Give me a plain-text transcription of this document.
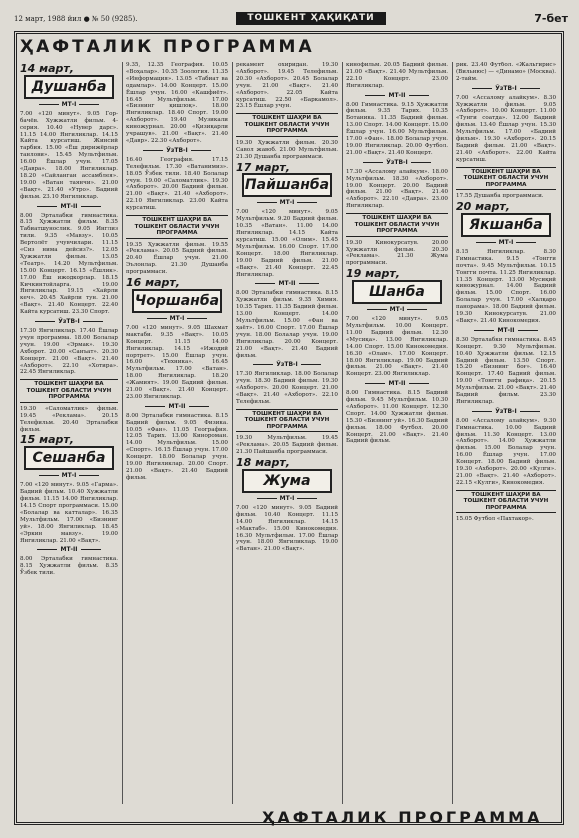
12 март, 1988 йил ● № 50 (9285).	ТОШКЕНТ ҲАҚИҚАТИ	7-бет
ҲАФТАЛИК ПРОГРАММА
14 март,
Душанба
МТ-I

7.00 «120 минут». 9.05 Гор-бачёв. Хужжатли фильм. 4-серия. 10.40 «Нувер дарс». 11.15 14.00 Янгиликлар. 14.15 Кайта курсатиш. Жинсий тарбия. 15.00 «Ёш дирижёрлар танлови». 15.45 Мультфильм. 16.00 Ёшлар учун. 17.05 «Давра». 18.00 Янгиликлар. 18.20 «Сайланган ассамблея». 19.00 «Ватан таянчи». 21.00 «Вақт». 21.40 «Утро». Бадиий фильм. 23.10 Янгиликлар.

МТ-II

8.00 Эрталабки гимнастика. 8.15 Ҳужжатли фильм. 8.35 Табиатшунослик. 9.05 Инглиз тили. 9.35 «Мавзу». 10.05 Вертолёт учувчилари. 11.15 «Сиз нима дейсиз?». 12.05 Ҳужжатли фильм. 13.05 «Театр». 14.20 Мультфильм. 15.00 Концерт. 16.15 «Ёшлик». 17.00 Ёш ижодкорлар. 18.15 Кичкинтойларга. 19.00 Янгиликлар. 19.15 «Хайрли кеч». 20.45 Хайрли тун. 21.00 «Вақт». 21.40 Концерт. 22.40 Кайта курсатиш. 23.30 Спорт.

ЎзТВ-I

17.30 Янгиликлар. 17.40 Ёшлар учун программа. 18.00 Болалар учун. 19.00 «Эрмак». 19.30 Ахборот. 20.00 «Санъат». 20.30 Концерт. 21.00 «Вақт». 21.40 «Ахборот». 22.10 «Хотира». 22.45 Янгиликлар.

ТОШКЕНТ ШАҲРИ ВА ТОШКЕНТ ОБЛАСТИ УЧУН ПРОГРАММА

19.30 «Саломатлик» фильм. 19.45 «Реклама». 20.15 Телефильм. 20.40 Эрталабки фильм.

15 март,
Сешанба
МТ-I

7.00 «120 минут». 9.05 «Гарма». Бадиий фильм. 10.40 Хужжатли фильм. 11.15 14.00 Янгиликлар. 14.15 Спорт программаси. 15.00 «Болалар ва катталар». 16.35 Мультфильм. 17.00 «Бизнинг уй». 18.00 Янгиликлар. 18.45 «Эркин мавзу». 19.00 Янгиликлар. 21.00 «Вақт».

МТ-II

8.00 Эрталабки гимнастика. 8.15 Ҳужжатли фильм. 8.35 Ўзбек тили.

9.35, 12.35 География. 10.05 «Воҳалар». 10.35 Зоология. 11.35 «Информация». 13.05 «Табиат ва одамлар». 14.00 Концерт. 15.00 Ёшлар учун. 16.00 «Кашфиёт». 16.45 Мультфильм. 17.00 «Бизнинг қишлоқ». 18.00 Янгиликлар. 18.40 Спорт. 19.00 «Ахборот». 19.40 Музикали киножурнал. 20.00 «Қизиқарли учрашув». 21.00 «Вақт». 21.40 «Давр». 22.30 «Ахборот».

ЎзТВ-I

16.40 География. 17.15 Телефильм. 17.30 «Ватанимиз». 18.05 Ўзбек тили. 18.40 Болалар учун. 19.00 «Саломатлик». 19.30 «Ахборот». 20.00 Бадиий фильм. 21.00 «Вақт». 21.40 «Ахборот». 22.10 Янгиликлар. 23.00 Кайта курсатиш.

ТОШКЕНТ ШАҲРИ ВА ТОШКЕНТ ОБЛАСТИ УЧУН ПРОГРАММА

19.35 Ҳужжатли фильм. 19.55 «Реклама». 20.05 Бадиий фильм. 20.40 Ёшлар учун. 21.00 Эълонлар. 21.30 Душанба программаси.

16 март,
Чоршанба
МТ-I

7.00 «120 минут». 9.05 Шахмат мактаби. 9.35 «Вақт». 10.05 Концерт. 11.15 14.00 Янгиликлар. 14.15 «Ижодий портрет». 15.00 Ёшлар учун. 16.00 «Техника». 16.45 Мультфильм. 17.00 «Ватан». 18.00 Янгиликлар. 18.20 «Жамият». 19.00 Бадиий фильм. 21.00 «Вақт». 21.40 Концерт. 23.00 Янгиликлар.

МТ-II

8.00 Эрталабки гимнастика. 8.15 Бадиий фильм. 9.05 Физика. 10.05 «Фан». 11.05 География. 12.05 Тарих. 13.00 Кинороман. 14.00 Мультфильм. 15.00 «Спорт». 16.15 Ёшлар учун. 17.00 Концерт. 18.00 Болалар учун. 19.00 Янгиликлар. 20.00 Спорт. 21.00 «Вақт». 21.40 Бадиий фильм.

рекамент охиридан. 19.30 «Ахборот». 19.45 Телефильм. 20.30 «Ахборот». 20.45 Болалар учун. 21.00 «Вақт». 21.40 «Ахборот». 22.05 Кайта курсатиш. 22.50 «Баркамол». 23.15 Ёшлар учун.

ТОШКЕНТ ШАҲРИ ВА ТОШКЕНТ ОБЛАСТИ УЧУН ПРОГРАММА

19.30 Ҳужжатли фильм. 20.30 Савол жавоб. 21.00 Мультфильм. 21.30 Душанба программаси.

17 март,
Пайшанба
МТ-I

7.00 «120 минут». 9.05 Мультфильм. 9.20 Бадиий фильм. 10.35 «Ватан». 11.00 14.00 Янгиликлар. 14.15 Кайта курсатиш. 15.00 «Олим». 15.45 Мультфильм. 16.00 Спорт. 17.00 Концерт. 18.00 Янгиликлар. 19.00 Бадиий фильм. 21.00 «Вақт». 21.40 Концерт. 22.45 Янгиликлар.

МТ-II

8.00 Эрталабки гимнастика. 8.15 Ҳужжатли фильм. 9.35 Химия. 10.35 Тарих. 11.35 Бадиий фильм. 13.00 Концерт. 14.00 Мультфильм. 15.00 «Фан ва ҳаёт». 16.00 Спорт. 17.00 Ёшлар учун. 18.00 Болалар учун. 19.00 Янгиликлар. 20.00 Концерт. 21.00 «Вақт». 21.40 Бадиий фильм.

ЎзТВ-I

17.30 Янгиликлар. 18.00 Болалар учун. 18.30 Бадиий фильм. 19.30 «Ахборот». 20.00 Концерт. 21.00 «Вақт». 21.40 «Ахборот». 22.10 Телефильм.

ТОШКЕНТ ШАҲРИ ВА ТОШКЕНТ ОБЛАСТИ УЧУН ПРОГРАММА

19.30 Мультфильм. 19.45 «Реклама». 20.05 Бадиий фильм. 21.30 Пайшанба программаси.

18 март,
Жума
МТ-I

7.00 «120 минут». 9.05 Бадиий фильм. 10.40 Концерт. 11.15 14.00 Янгиликлар. 14.15 «Мактаб». 15.00 Кинокомедия. 16.30 Мультфильм. 17.00 Ёшлар учун. 18.00 Янгиликлар. 19.00 «Ватан». 21.00 «Вақт».

кинофильм. 20.05 Бадиий фильм. 21.00 «Вақт». 21.40 Мультфильм. 22.10 Концерт. 23.00 Янгиликлар.

МТ-II

8.00 Гимнастика. 9.15 Ҳужжатли фильм. 9.35 Тарих. 10.35 Ботаника. 11.35 Бадиий фильм. 13.00 Спорт. 14.00 Концерт. 15.00 Ёшлар учун. 16.00 Мультфильм. 17.00 «Фан». 18.00 Болалар учун. 19.00 Янгиликлар. 20.00 Футбол. 21.00 «Вақт». 21.40 Концерт.

ЎзТВ-I

17.30 «Ассалому алайкум». 18.00 Мультфильм. 18.30 «Ахборот». 19.00 Концерт. 20.00 Бадиий фильм. 21.00 «Вақт». 21.40 «Ахборот». 22.10 «Давра». 23.00 Янгиликлар.

ТОШКЕНТ ШАҲРИ ВА ТОШКЕНТ ОБЛАСТИ УЧУН ПРОГРАММА

19.30 Кинокурсатув. 20.00 Ҳужжатли фильм. 20.30 «Реклама». 21.30 Жума программаси.

19 март,
Шанба
МТ-I

7.00 «120 минут». 9.05 Мультфильм. 10.00 Концерт. 11.00 Бадиий фильм. 12.30 «Мусиқа». 13.00 Янгиликлар. 14.00 Спорт. 15.00 Кинокомедия. 16.30 «Олам». 17.00 Концерт. 18.00 Янгиликлар. 19.00 Бадиий фильм. 21.00 «Вақт». 21.40 Концерт. 23.00 Янгиликлар.

МТ-II

8.00 Гимнастика. 8.15 Бадиий фильм. 9.45 Мультфильм. 10.30 «Ахборот». 11.00 Концерт. 12.30 Спорт. 14.00 Ҳужжатли фильм. 15.30 «Бизнинг уй». 16.30 Бадиий фильм. 18.00 Футбол. 20.00 Концерт. 21.00 «Вақт». 21.40 Бадиий фильм.

рик. 23.40 Футбол. «Жальгирис» (Вильнюс) — «Динамо» (Москва). 2-тайм.

ЎзТВ-I

7.00 «Ассалому алайкум». 8.30 Хужжатли фильм. 9.05 «Ахборот». 10.00 Концерт. 11.00 «Тунги соатда». 12.00 Бадиий фильм. 13.40 Ёшлар учун. 15.30 Мультфильм. 17.00 «Бадиий фильм». 19.30 «Ахборот». 20.15 Бадиий фильм. 21.00 «Вақт». 21.40 «Ахборот». 22.00 Кайта курсатиш.

ТОШКЕНТ ШАҲРИ ВА ТОШКЕНТ ОБЛАСТИ УЧУН ПРОГРАММА

17.55 Душанба программаси.

20 март,
Якшанба
МТ-I

8.15 Янгиликлар. 8.30 Гимнастика. 9.15 «Тонгги почта». 9.45 Мультфильм. 10.15 Тонгги почта. 11.25 Янгиликлар. 11.35 Концерт. 13.00 Мусиқий киножурнал. 14.00 Бадиий фильм. 15.00 Спорт. 16.00 Болалар учун. 17.00 «Халқаро панорама». 18.00 Бадиий фильм. 19.30 Кинокурсатув. 21.00 «Вақт». 21.40 Кинокомедия.

МТ-II

8.30 Эрталабки гимнастика. 8.45 Концерт. 9.30 Мультфильм. 10.40 Ҳужжатли фильм. 12.15 Бадиий фильм. 13.50 Спорт. 15.20 «Бизнинг боғ». 16.40 Концерт. 17.40 Бадиий фильм. 19.00 «Тонгги рафиқа». 20.15 Мультфильм. 21.00 «Вақт». 21.40 Бадиий фильм. 23.30 Янгиликлар.

ЎзТВ-I

8.00 «Ассалому алайкум». 9.30 Гимнастика. 10.00 Бадиий фильм. 11.30 Концерт. 13.00 «Ахборот». 14.00 Ҳужжатли фильм. 15.00 Болалар учун. 16.00 Ёшлар учун. 17.00 Концерт. 18.00 Бадиий фильм. 19.30 «Ахборот». 20.00 «Кулги». 21.00 «Вақт». 21.40 «Ахборот». 22.15 «Кулги», Кинокомедия.

ТОШКЕНТ ШАҲРИ ВА ТОШКЕНТ ОБЛАСТИ УЧУН ПРОГРАММА

15.05 Футбол «Пахтакор».

ҲАФТАЛИК ПРОГРАММА
